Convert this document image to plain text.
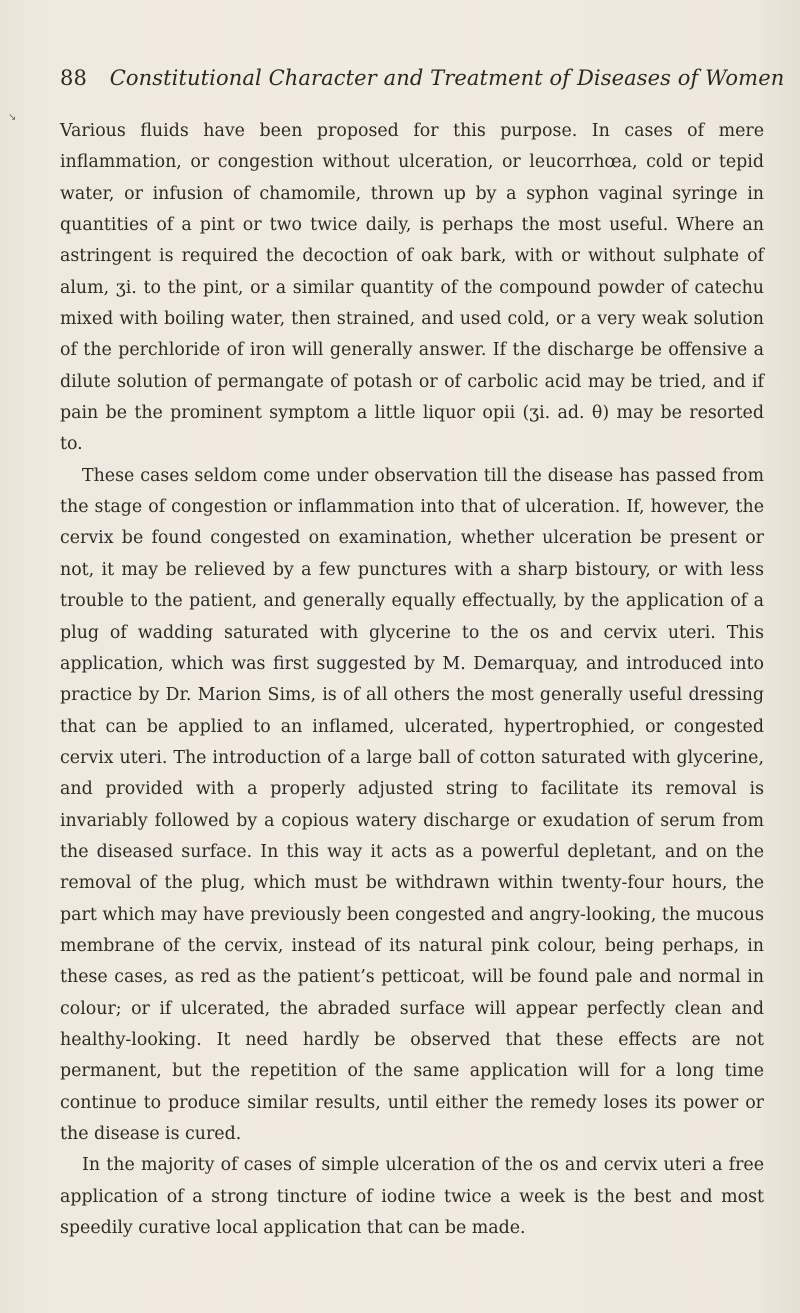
↘
88 Constitutional Character and Treatment of Diseases of Women

Various fluids have been proposed for this purpose. In cases of mere inflammation, or congestion without ulceration, or leucorrhœa, cold or tepid water, or infusion of chamomile, thrown up by a syphon vaginal syringe in quantities of a pint or two twice daily, is perhaps the most useful. Where an astringent is required the decoction of oak bark, with or without sulphate of alum, ʒi. to the pint, or a similar quantity of the compound powder of catechu mixed with boiling water, then strained, and used cold, or a very weak solution of the perchloride of iron will generally answer. If the discharge be offensive a dilute solution of permangate of potash or of carbolic acid may be tried, and if pain be the prominent symptom a little liquor opii (ʒi. ad. θ) may be resorted to.

These cases seldom come under observation till the disease has passed from the stage of congestion or inflammation into that of ulceration. If, however, the cervix be found congested on examination, whether ulceration be present or not, it may be relieved by a few punctures with a sharp bistoury, or with less trouble to the patient, and generally equally effectually, by the application of a plug of wadding saturated with glycerine to the os and cervix uteri. This application, which was first suggested by M. Demarquay, and introduced into practice by Dr. Marion Sims, is of all others the most generally useful dressing that can be applied to an inflamed, ulcerated, hypertrophied, or congested cervix uteri. The introduction of a large ball of cotton saturated with glycerine, and provided with a properly adjusted string to facilitate its removal is invariably followed by a copious watery discharge or exudation of serum from the diseased surface. In this way it acts as a powerful depletant, and on the removal of the plug, which must be withdrawn within twenty-four hours, the part which may have previously been congested and angry-looking, the mucous membrane of the cervix, instead of its natural pink colour, being perhaps, in these cases, as red as the patient’s petticoat, will be found pale and normal in colour; or if ulcerated, the abraded surface will appear perfectly clean and healthy-looking. It need hardly be observed that these effects are not permanent, but the repetition of the same application will for a long time continue to produce similar results, until either the remedy loses its power or the disease is cured.

In the majority of cases of simple ulceration of the os and cervix uteri a free application of a strong tincture of iodine twice a week is the best and most speedily curative local application that can be made.
